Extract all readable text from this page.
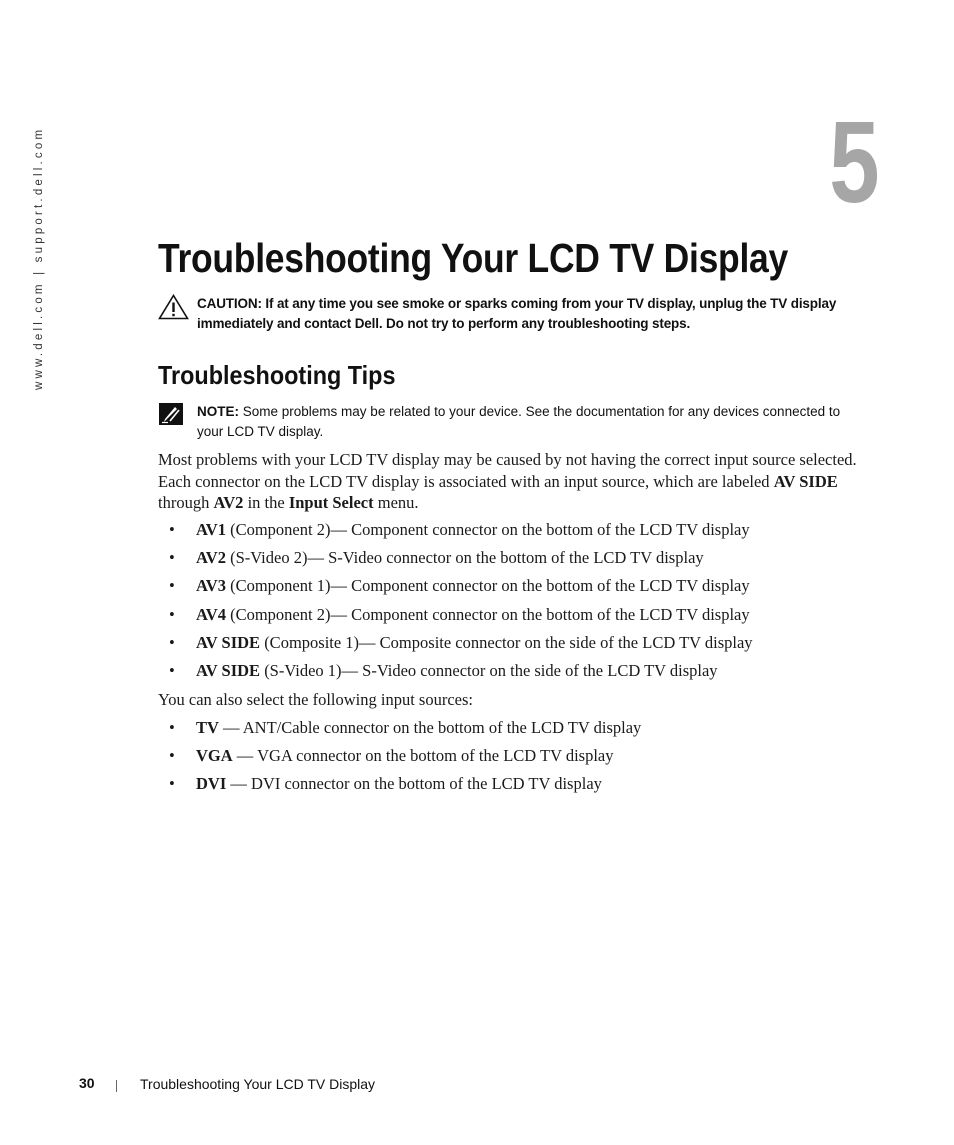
www.dell.com | support.dell.com	5
Troubleshooting Your LCD TV Display
CAUTION: If at any time you see smoke or sparks coming from your TV display, unplug the TV display immediately and contact Dell. Do not try to perform any troubleshooting steps.
Troubleshooting Tips
NOTE: Some problems may be related to your device. See the documentation for any devices connected to your LCD TV display.

Most problems with your LCD TV display may be caused by not having the correct input source selected. Each connector on the LCD TV display is associated with an input source, which are labeled AV SIDE through AV2 in the Input Select menu.

• AV1 (Component 2)— Component connector on the bottom of the LCD TV display
• AV2 (S-Video 2)— S-Video connector on the bottom of the LCD TV display
• AV3 (Component 1)— Component connector on the bottom of the LCD TV display
• AV4 (Component 2)— Component connector on the bottom of the LCD TV display
• AV SIDE (Composite 1)— Composite connector on the side of the LCD TV display
• AV SIDE (S-Video 1)— S-Video connector on the side of the LCD TV display

You can also select the following input sources:

• TV — ANT/Cable connector on the bottom of the LCD TV display
• VGA — VGA connector on the bottom of the LCD TV display
• DVI — DVI connector on the bottom of the LCD TV display
30	Troubleshooting Your LCD TV Display
